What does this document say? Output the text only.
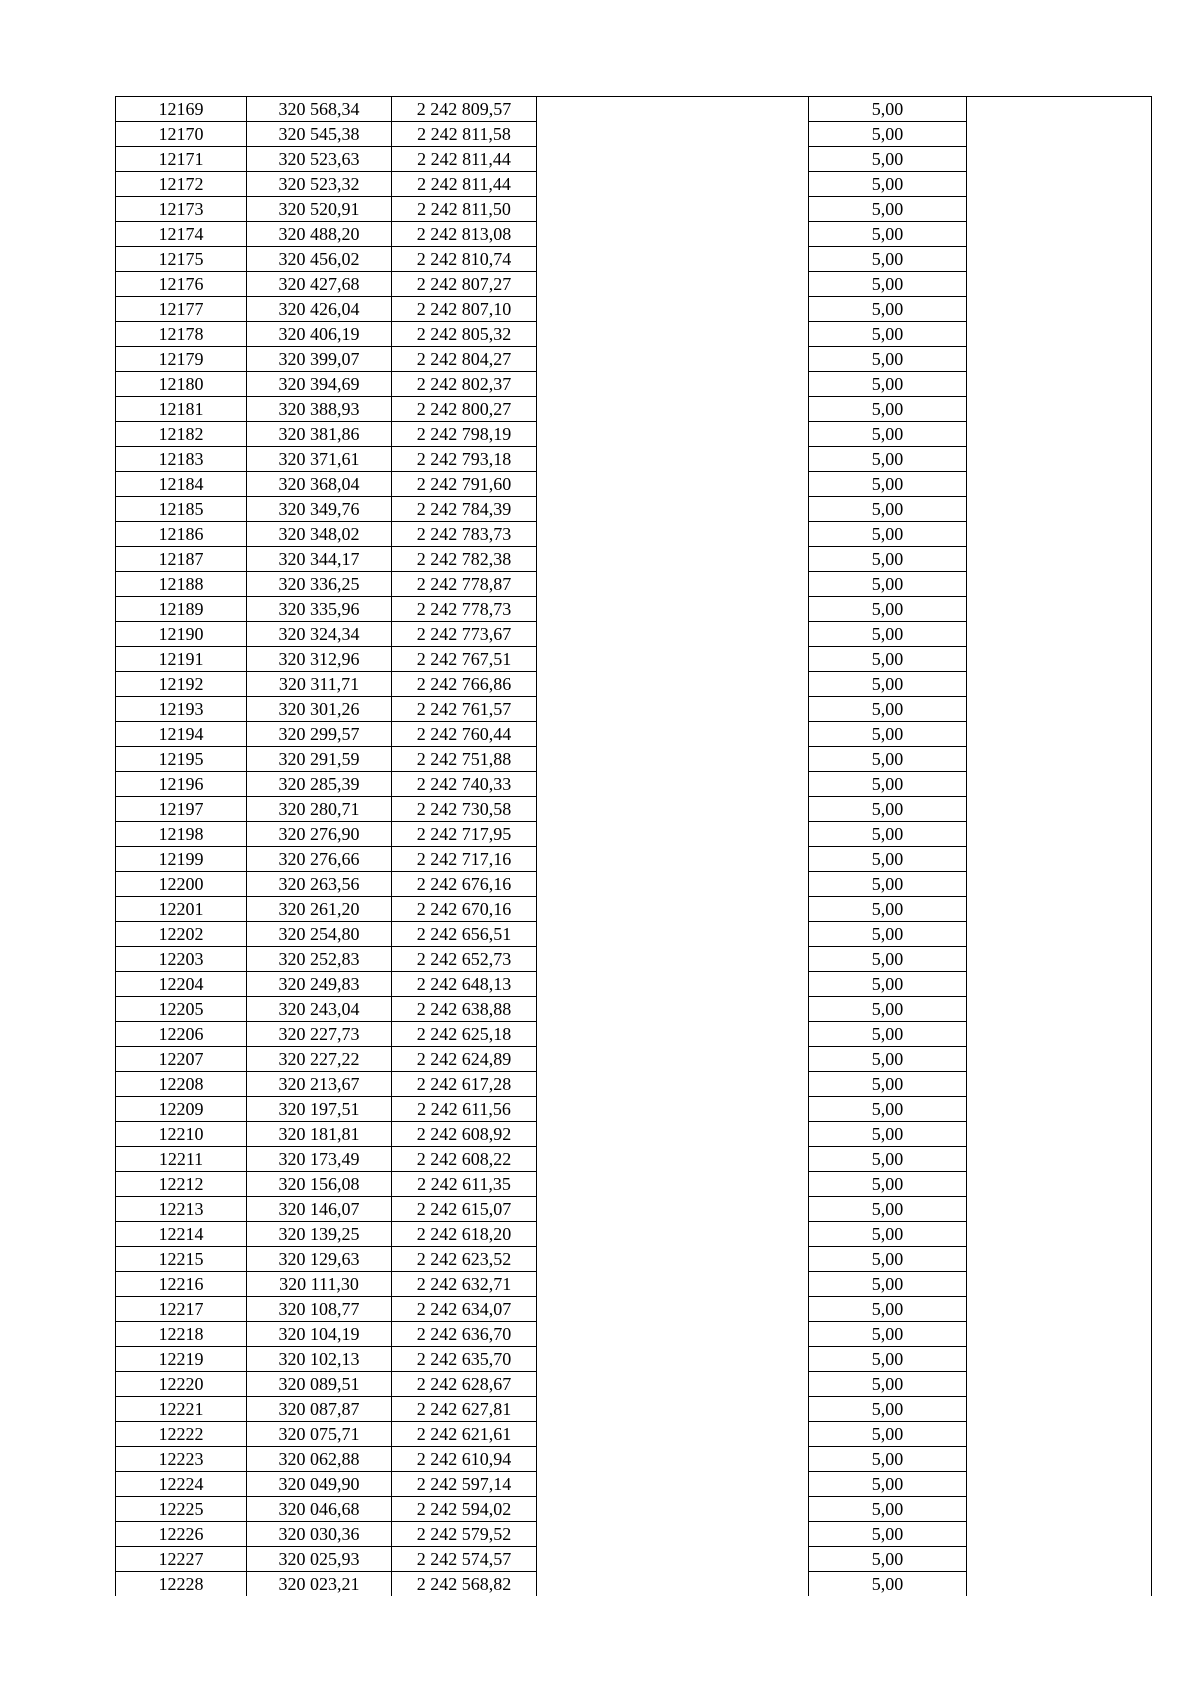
12169	320 568,34	2 242 809,57		5,00	
12170	320 545,38	2 242 811,58		5,00	
12171	320 523,63	2 242 811,44		5,00	
12172	320 523,32	2 242 811,44		5,00	
12173	320 520,91	2 242 811,50		5,00	
12174	320 488,20	2 242 813,08		5,00	
12175	320 456,02	2 242 810,74		5,00	
12176	320 427,68	2 242 807,27		5,00	
12177	320 426,04	2 242 807,10		5,00	
12178	320 406,19	2 242 805,32		5,00	
12179	320 399,07	2 242 804,27		5,00	
12180	320 394,69	2 242 802,37		5,00	
12181	320 388,93	2 242 800,27		5,00	
12182	320 381,86	2 242 798,19		5,00	
12183	320 371,61	2 242 793,18		5,00	
12184	320 368,04	2 242 791,60		5,00	
12185	320 349,76	2 242 784,39		5,00	
12186	320 348,02	2 242 783,73		5,00	
12187	320 344,17	2 242 782,38		5,00	
12188	320 336,25	2 242 778,87		5,00	
12189	320 335,96	2 242 778,73		5,00	
12190	320 324,34	2 242 773,67		5,00	
12191	320 312,96	2 242 767,51		5,00	
12192	320 311,71	2 242 766,86		5,00	
12193	320 301,26	2 242 761,57		5,00	
12194	320 299,57	2 242 760,44		5,00	
12195	320 291,59	2 242 751,88		5,00	
12196	320 285,39	2 242 740,33		5,00	
12197	320 280,71	2 242 730,58		5,00	
12198	320 276,90	2 242 717,95		5,00	
12199	320 276,66	2 242 717,16		5,00	
12200	320 263,56	2 242 676,16		5,00	
12201	320 261,20	2 242 670,16		5,00	
12202	320 254,80	2 242 656,51		5,00	
12203	320 252,83	2 242 652,73		5,00	
12204	320 249,83	2 242 648,13		5,00	
12205	320 243,04	2 242 638,88		5,00	
12206	320 227,73	2 242 625,18		5,00	
12207	320 227,22	2 242 624,89		5,00	
12208	320 213,67	2 242 617,28		5,00	
12209	320 197,51	2 242 611,56		5,00	
12210	320 181,81	2 242 608,92		5,00	
12211	320 173,49	2 242 608,22		5,00	
12212	320 156,08	2 242 611,35		5,00	
12213	320 146,07	2 242 615,07		5,00	
12214	320 139,25	2 242 618,20		5,00	
12215	320 129,63	2 242 623,52		5,00	
12216	320 111,30	2 242 632,71		5,00	
12217	320 108,77	2 242 634,07		5,00	
12218	320 104,19	2 242 636,70		5,00	
12219	320 102,13	2 242 635,70		5,00	
12220	320 089,51	2 242 628,67		5,00	
12221	320 087,87	2 242 627,81		5,00	
12222	320 075,71	2 242 621,61		5,00	
12223	320 062,88	2 242 610,94		5,00	
12224	320 049,90	2 242 597,14		5,00	
12225	320 046,68	2 242 594,02		5,00	
12226	320 030,36	2 242 579,52		5,00	
12227	320 025,93	2 242 574,57		5,00	
12228	320 023,21	2 242 568,82		5,00	
